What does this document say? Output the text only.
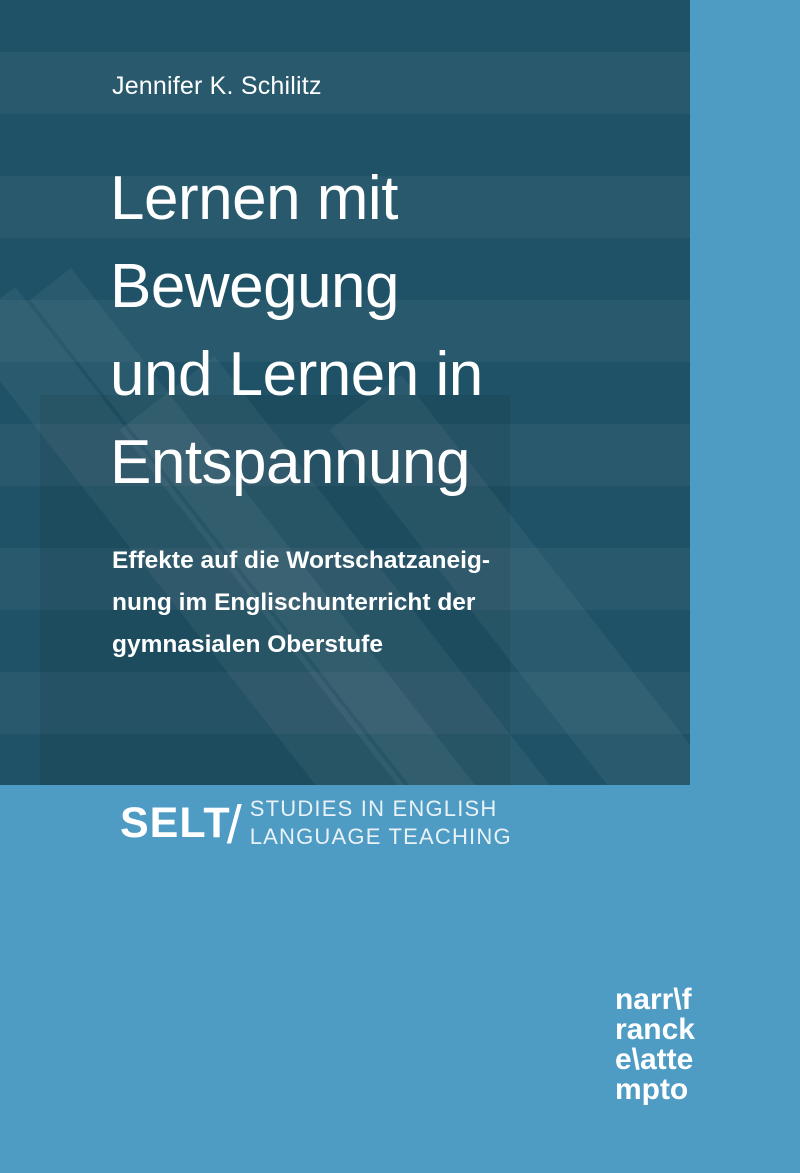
Jennifer K. Schilitz
Lernen mit
Bewegung
und Lernen in
Entspannung
Effekte auf die Wortschatzaneig-
nung im Englischunterricht der
gymnasialen Oberstufe
SELT
/ STUDIES IN ENGLISH
LANGUAGE TEACHING
narr\f
ranck
e\atte
mpto
